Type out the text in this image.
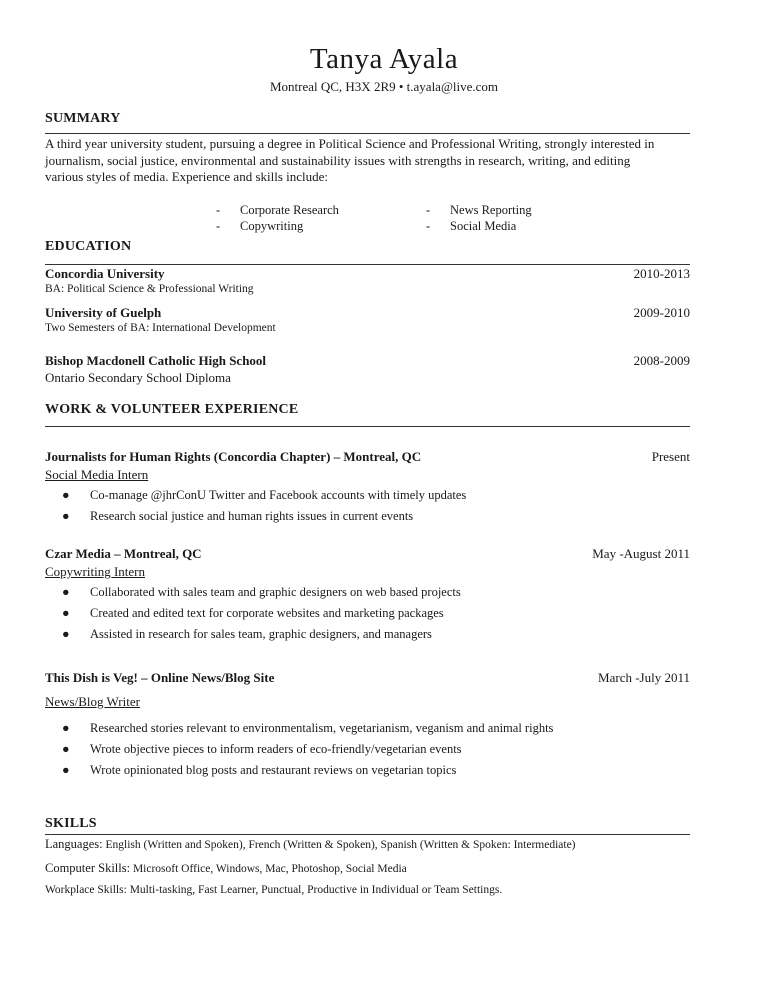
Tanya Ayala
Montreal QC, H3X 2R9 • t.ayala@live.com
SUMMARY
A third year university student, pursuing a degree in Political Science and Professional Writing, strongly interested in
journalism, social justice, environmental and sustainability issues with strengths in research, writing, and editing
various styles of media. Experience and skills include:
- Corporate Research	- News Reporting
- Copywriting	- Social Media
EDUCATION
Concordia University	2010-2013
BA: Political Science & Professional Writing
University of Guelph	2009-2010
Two Semesters of BA: International Development
Bishop Macdonell Catholic High School	2008-2009
Ontario Secondary School Diploma
WORK & VOLUNTEER EXPERIENCE
Journalists for Human Rights (Concordia Chapter) – Montreal, QC	Present
Social Media Intern
● Co-manage @jhrConU Twitter and Facebook accounts with timely updates
● Research social justice and human rights issues in current events
Czar Media – Montreal, QC	May -August 2011
Copywriting Intern
● Collaborated with sales team and graphic designers on web based projects
● Created and edited text for corporate websites and marketing packages
● Assisted in research for sales team, graphic designers, and managers
This Dish is Veg! – Online News/Blog Site	March -July 2011
News/Blog Writer
● Researched stories relevant to environmentalism, vegetarianism, veganism and animal rights
● Wrote objective pieces to inform readers of eco-friendly/vegetarian events
● Wrote opinionated blog posts and restaurant reviews on vegetarian topics
SKILLS
Languages: English (Written and Spoken), French (Written & Spoken), Spanish (Written & Spoken: Intermediate)
Computer Skills: Microsoft Office, Windows, Mac, Photoshop, Social Media
Workplace Skills: Multi-tasking, Fast Learner, Punctual, Productive in Individual or Team Settings.
